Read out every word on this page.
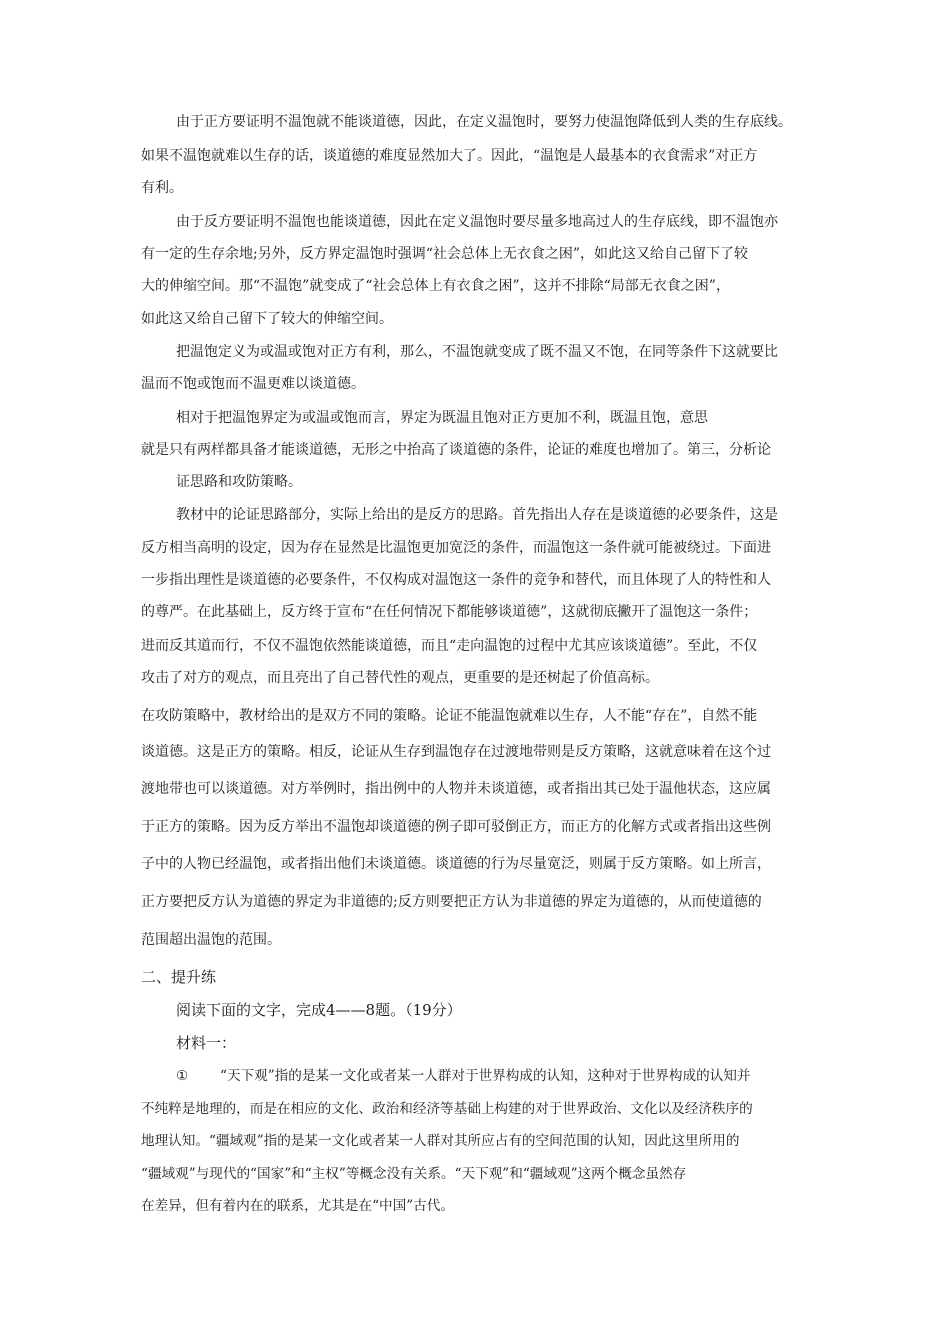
由于正方要证明不温饱就不能谈道德，因此，在定义温饱时，要努力使温饱降低到人类的生存底线。
如果不温饱就难以生存的话，谈道德的难度显然加大了。因此，“温饱是人最基本的衣食需求”对正方
有利。
由于反方要证明不温饱也能谈道德，因此在定义温饱时要尽量多地高过人的生存底线，即不温饱亦
有一定的生存余地;另外，反方界定温饱时强调“社会总体上无衣食之困”，如此这又给自己留下了较
大的伸缩空间。那“不温饱”就变成了“社会总体上有衣食之困”，这并不排除“局部无衣食之困”，
如此这又给自己留下了较大的伸缩空间。
把温饱定义为或温或饱对正方有利，那么，不温饱就变成了既不温又不饱，在同等条件下这就要比
温而不饱或饱而不温更难以谈道德。
相对于把温饱界定为或温或饱而言，界定为既温且饱对正方更加不利，既温且饱，意思
就是只有两样都具备才能谈道德，无形之中抬高了谈道德的条件，论证的难度也增加了。第三，分析论
证思路和攻防策略。
教材中的论证思路部分，实际上给出的是反方的思路。首先指出人存在是谈道德的必要条件，这是
反方相当高明的设定，因为存在显然是比温饱更加宽泛的条件，而温饱这一条件就可能被绕过。下面进
一步指出理性是谈道德的必要条件，不仅构成对温饱这一条件的竞争和替代，而且体现了人的特性和人
的尊严。在此基础上，反方终于宣布“在任何情况下都能够谈道德”，这就彻底撇开了温饱这一条件；
进而反其道而行，不仅不温饱依然能谈道德，而且“走向温饱的过程中尤其应该谈道德”。至此，不仅
攻击了对方的观点，而且亮出了自己替代性的观点，更重要的是还树起了价值高标。
在攻防策略中，教材给出的是双方不同的策略。论证不能温饱就难以生存，人不能“存在”，自然不能
谈道德。这是正方的策略。相反，论证从生存到温饱存在过渡地带则是反方策略，这就意味着在这个过
渡地带也可以谈道德。对方举例时，指出例中的人物并未谈道德，或者指出其已处于温他状态，这应属
于正方的策略。因为反方举出不温饱却谈道德的例子即可驳倒正方，而正方的化解方式或者指出这些例
子中的人物已经温饱，或者指出他们未谈道德。谈道德的行为尽量宽泛，则属于反方策略。如上所言，
正方要把反方认为道德的界定为非道德的;反方则要把正方认为非道德的界定为道德的，从而使道德的
范围超出温饱的范围。
二、提升练
阅读下面的文字，完成4——8题。（19分）
材料一：
① “天下观”指的是某一文化或者某一人群对于世界构成的认知，这种对于世界构成的认知并
不纯粹是地理的，而是在相应的文化、政治和经济等基础上构建的对于世界政治、文化以及经济秩序的
地理认知。“疆域观”指的是某一文化或者某一人群对其所应占有的空间范围的认知，因此这里所用的
“疆域观”与现代的“国家”和“主权”等概念没有关系。“天下观”和“疆域观”这两个概念虽然存
在差异，但有着内在的联系，尤其是在“中国”古代。
